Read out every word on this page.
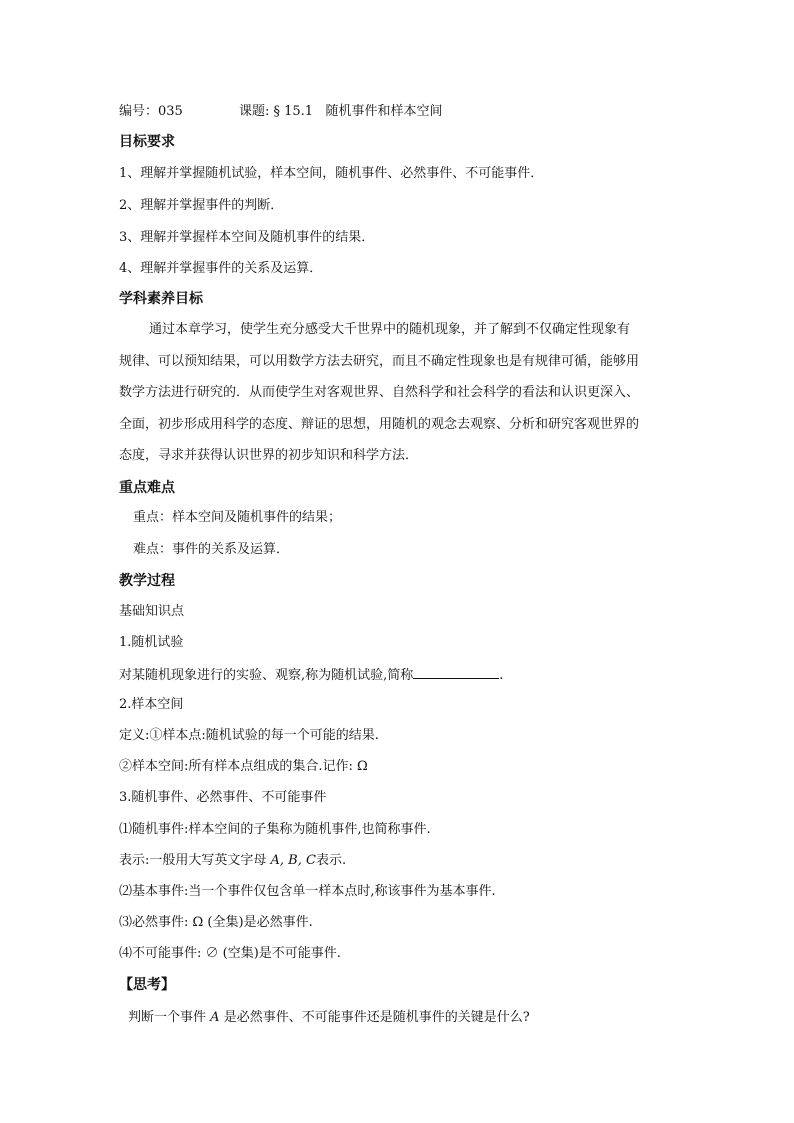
编号：035	课题: § 15.1 随机事件和样本空间
目标要求
1、理解并掌握随机试验，样本空间，随机事件、必然事件、不可能事件．
2、理解并掌握事件的判断．
3、理解并掌握样本空间及随机事件的结果．
4、理解并掌握事件的关系及运算．
学科素养目标
通过本章学习，使学生充分感受大千世界中的随机现象，并了解到不仅确定性现象有
规律、可以预知结果，可以用数学方法去研究，而且不确定性现象也是有规律可循，能够用
数学方法进行研究的．从而使学生对客观世界、自然科学和社会科学的看法和认识更深入、
全面，初步形成用科学的态度、辩证的思想，用随机的观念去观察、分析和研究客观世界的
态度，寻求并获得认识世界的初步知识和科学方法．
重点难点
重点：样本空间及随机事件的结果；
难点：事件的关系及运算．
教学过程
基础知识点
1.随机试验
对某随机现象进行的实验、观察,称为随机试验,简称	.
2.样本空间
定义:①样本点:随机试验的每一个可能的结果.
②样本空间:所有样本点组成的集合.记作: Ω
3.随机事件、必然事件、不可能事件
⑴随机事件:样本空间的子集称为随机事件,也简称事件.
表示:一般用大写英文字母 A, B, C表示.
⑵基本事件:当一个事件仅包含单一样本点时,称该事件为基本事件.
⑶必然事件: Ω (全集)是必然事件.
⑷不可能事件: ∅ (空集)是不可能事件.
【思考】
判断一个事件 A 是必然事件、不可能事件还是随机事件的关键是什么?
